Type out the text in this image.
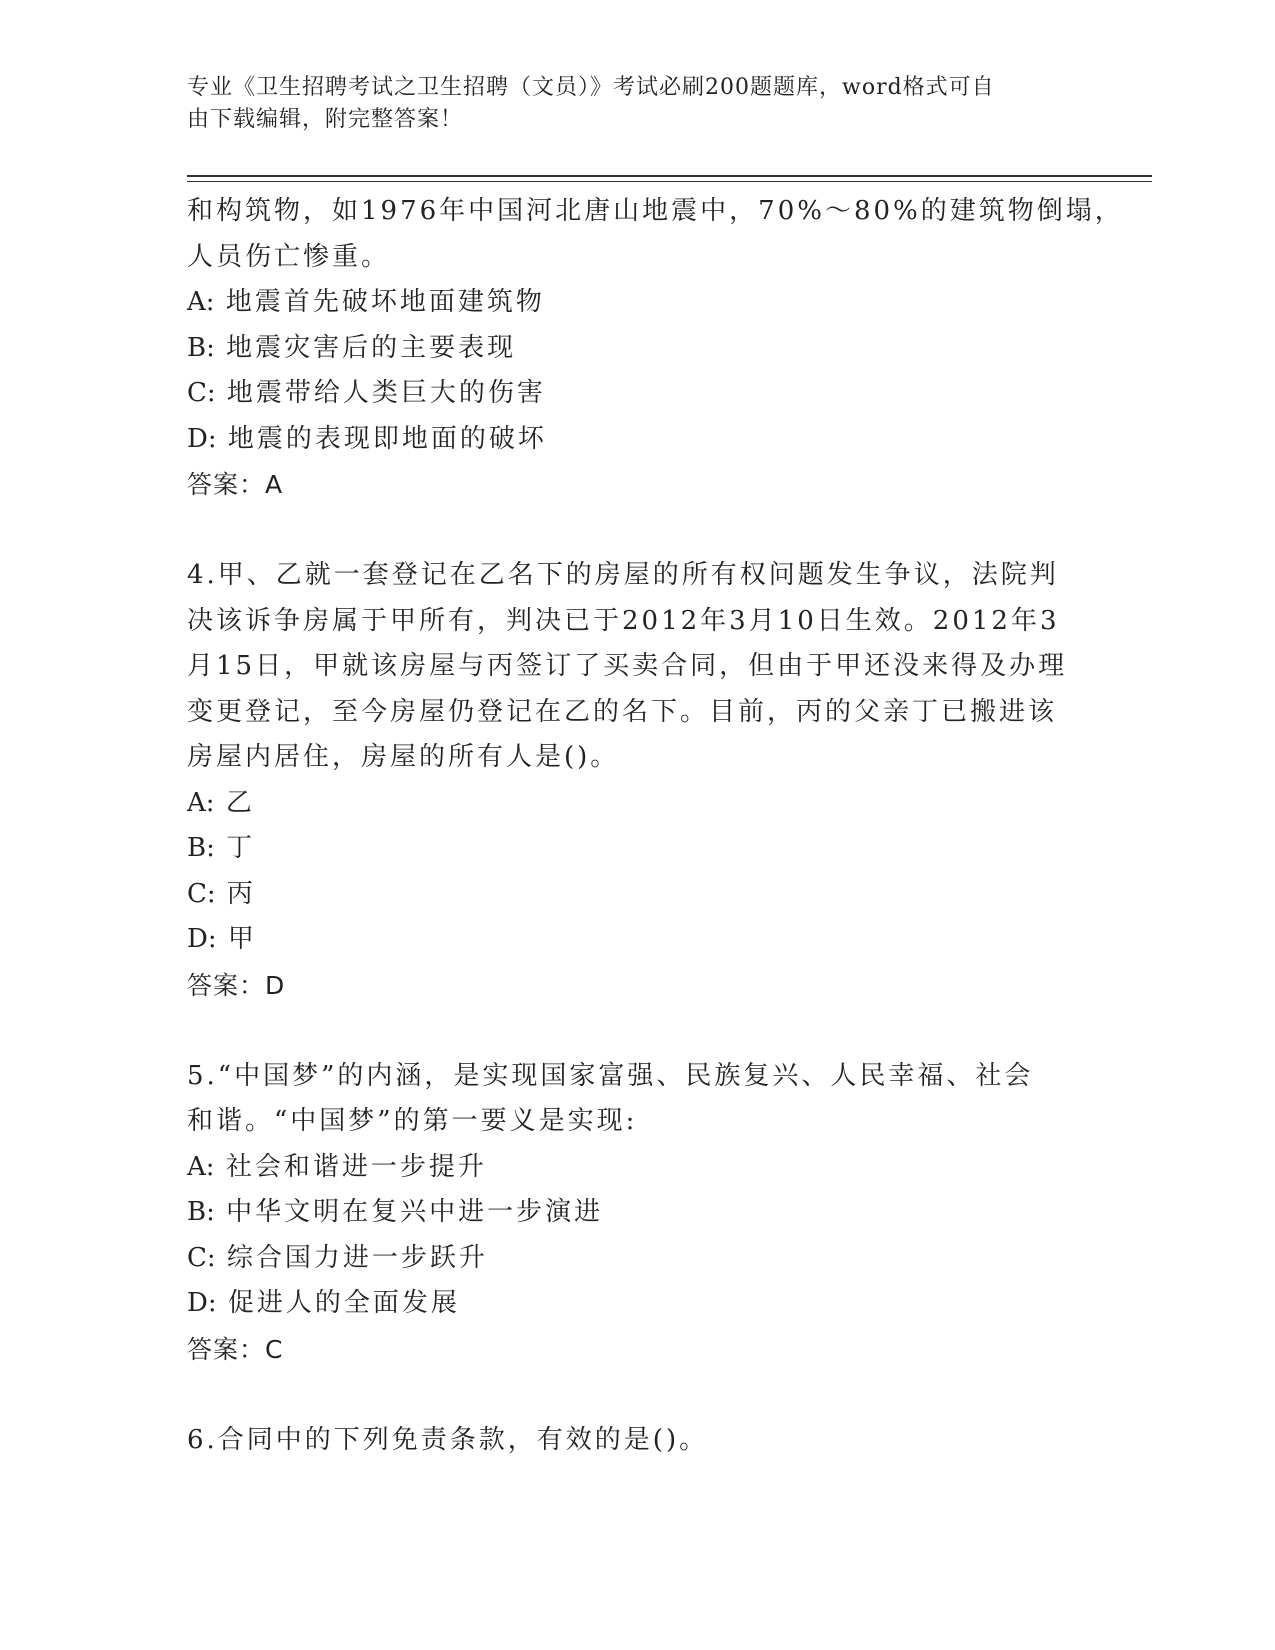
专业《卫生招聘考试之卫生招聘（文员）》考试必刷200题题库，word格式可自
由下载编辑，附完整答案！
和构筑物，如1976年中国河北唐山地震中，70%～80%的建筑物倒塌，
人员伤亡惨重。
A: 地震首先破坏地面建筑物
B: 地震灾害后的主要表现
C: 地震带给人类巨大的伤害
D: 地震的表现即地面的破坏
答案：A
4.甲、乙就一套登记在乙名下的房屋的所有权问题发生争议，法院判
决该诉争房属于甲所有，判决已于2012年3月10日生效。2012年3
月15日，甲就该房屋与丙签订了买卖合同，但由于甲还没来得及办理
变更登记，至今房屋仍登记在乙的名下。目前，丙的父亲丁已搬进该
房屋内居住，房屋的所有人是()。
A: 乙
B: 丁
C: 丙
D: 甲
答案：D
5.“中国梦”的内涵，是实现国家富强、民族复兴、人民幸福、社会
和谐。“中国梦”的第一要义是实现:
A: 社会和谐进一步提升
B: 中华文明在复兴中进一步演进
C: 综合国力进一步跃升
D: 促进人的全面发展
答案：C
6.合同中的下列免责条款，有效的是()。
